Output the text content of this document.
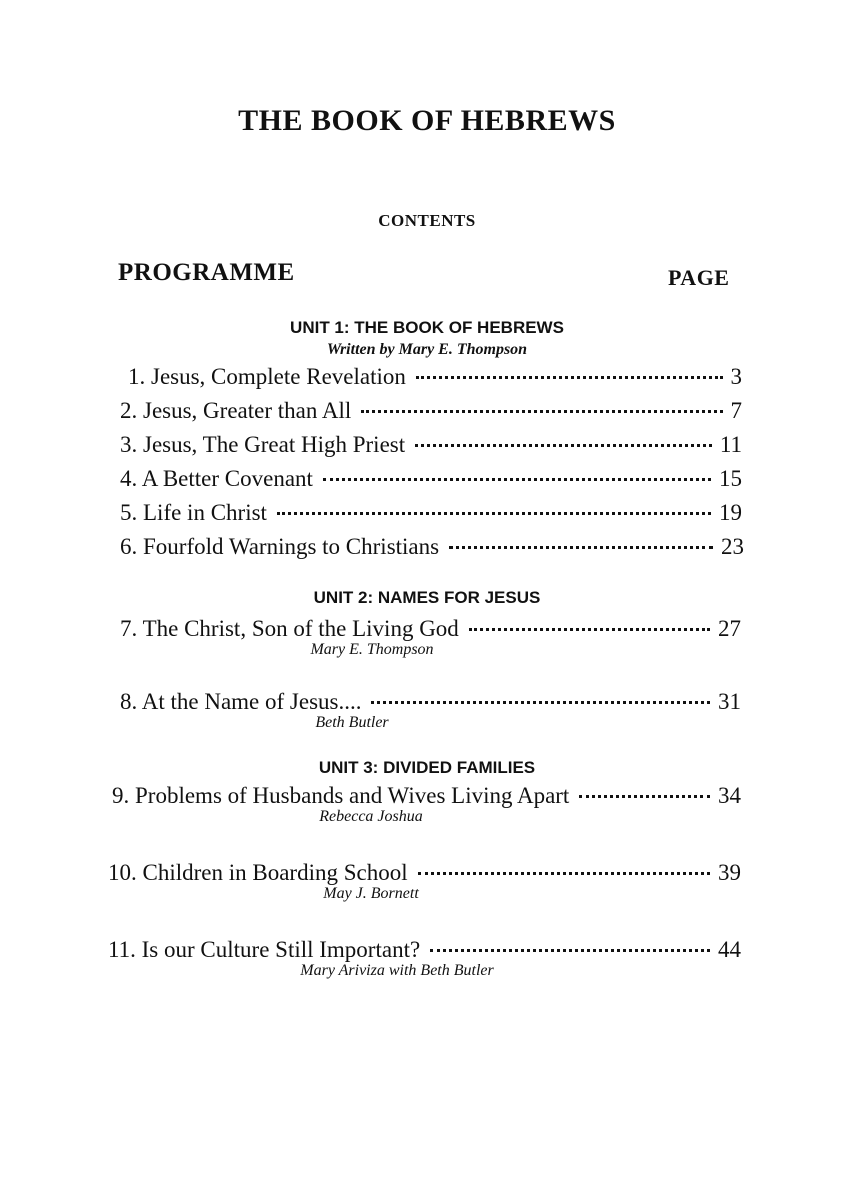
THE BOOK OF HEBREWS
CONTENTS
PROGRAMME	PAGE
UNIT 1: THE BOOK OF HEBREWS
Written by Mary E. Thompson
1. Jesus, Complete Revelation	3
2. Jesus, Greater than All	7
3. Jesus, The Great High Priest	11
4. A Better Covenant	15
5. Life in Christ	19
6. Fourfold Warnings to Christians	23
UNIT 2: NAMES FOR JESUS
7. The Christ, Son of the Living God	27
Mary E. Thompson
8. At the Name of Jesus....	31
Beth Butler
UNIT 3: DIVIDED FAMILIES
9. Problems of Husbands and Wives Living Apart	34
Rebecca Joshua
10. Children in Boarding School	39
May J. Bornett
11. Is our Culture Still Important?	44
Mary Ariviza with Beth Butler
